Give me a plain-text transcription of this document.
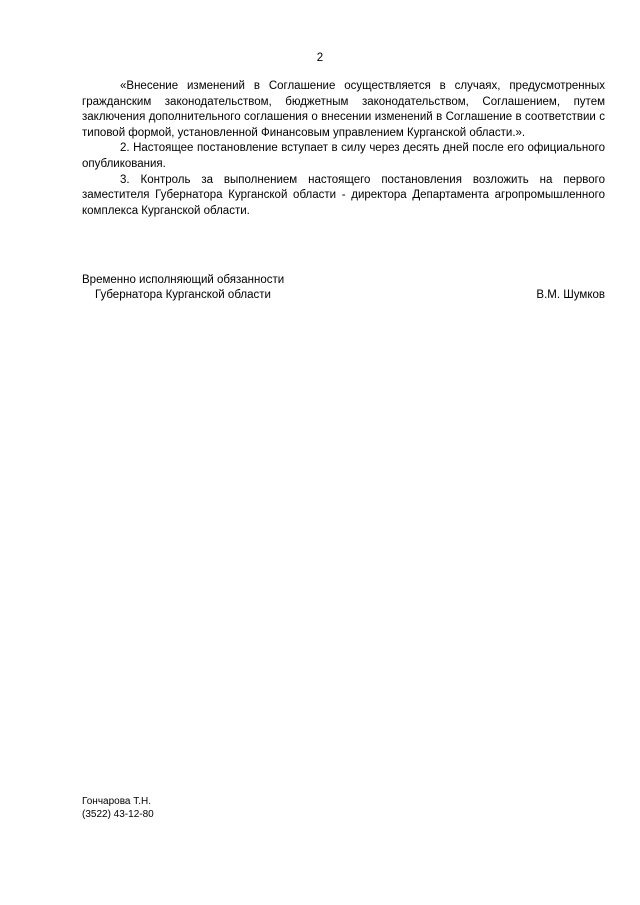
2

«Внесение изменений в Соглашение осуществляется в случаях, предусмотренных гражданским законодательством, бюджетным законодательством, Соглашением, путем заключения дополнительного соглашения о внесении изменений в Соглашение в соответствии с типовой формой, установленной Финансовым управлением Курганской области.».

2. Настоящее постановление вступает в силу через десять дней после его официального опубликования.

3. Контроль за выполнением настоящего постановления возложить на первого заместителя Губернатора Курганской области - директора Департамента агропромышленного комплекса Курганской области.

Временно исполняющий обязанности
Губернатора Курганской области	В.М. Шумков
Гончарова Т.Н.
(3522) 43-12-80
